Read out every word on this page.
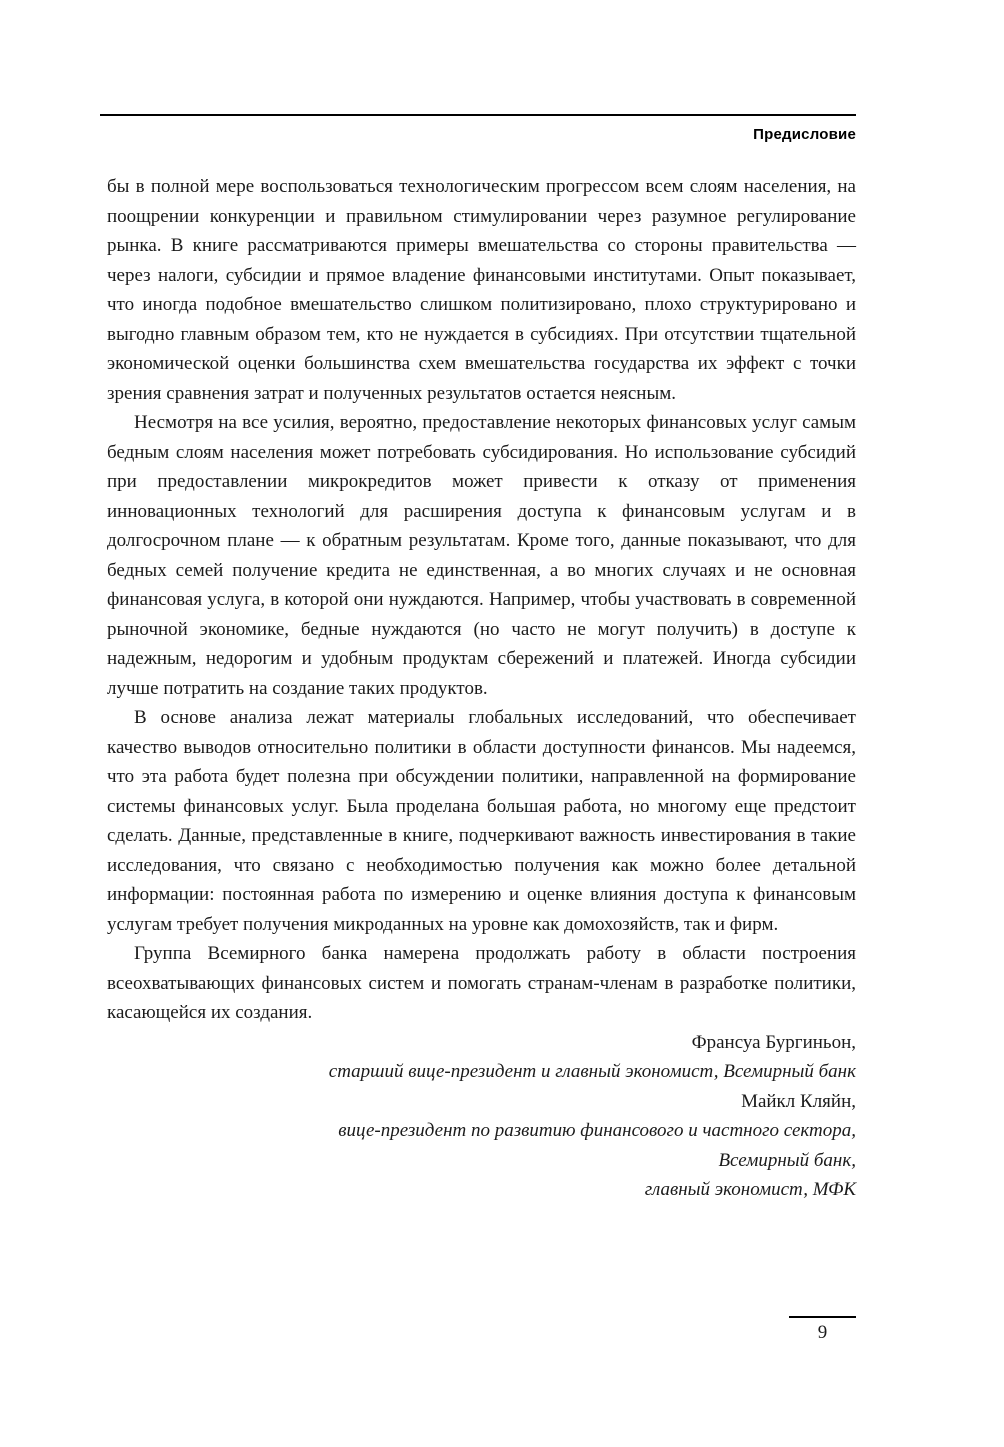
Предисловие

бы в полной мере воспользоваться технологическим прогрессом всем слоям населения, на поощрении конкуренции и правильном стимулировании через разумное регулирование рынка. В книге рассматриваются примеры вмешательства со стороны правительства — через налоги, субсидии и прямое владение финансовыми институтами. Опыт показывает, что иногда подобное вмешательство слишком политизировано, плохо структурировано и выгодно главным образом тем, кто не нуждается в субсидиях. При отсутствии тщательной экономической оценки большинства схем вмешательства государства их эффект с точки зрения сравнения затрат и полученных результатов остается неясным.

Несмотря на все усилия, вероятно, предоставление некоторых финансовых услуг самым бедным слоям населения может потребовать субсидирования. Но использование субсидий при предоставлении микрокредитов может привести к отказу от применения инновационных технологий для расширения доступа к финансовым услугам и в долгосрочном плане — к обратным результатам. Кроме того, данные показывают, что для бедных семей получение кредита не единственная, а во многих случаях и не основная финансовая услуга, в которой они нуждаются. Например, чтобы участвовать в современной рыночной экономике, бедные нуждаются (но часто не могут получить) в доступе к надежным, недорогим и удобным продуктам сбережений и платежей. Иногда субсидии лучше потратить на создание таких продуктов.

В основе анализа лежат материалы глобальных исследований, что обеспечивает качество выводов относительно политики в области доступности финансов. Мы надеемся, что эта работа будет полезна при обсуждении политики, направленной на формирование системы финансовых услуг. Была проделана большая работа, но многому еще предстоит сделать. Данные, представленные в книге, подчеркивают важность инвестирования в такие исследования, что связано с необходимостью получения как можно более детальной информации: постоянная работа по измерению и оценке влияния доступа к финансовым услугам требует получения микроданных на уровне как домохозяйств, так и фирм.

Группа Всемирного банка намерена продолжать работу в области построения всеохватывающих финансовых систем и помогать странам-членам в разработке политики, касающейся их создания.

Франсуа Бургиньон,
старший вице-президент и главный экономист, Всемирный банк
Майкл Кляйн,
вице-президент по развитию финансового и частного сектора,
Всемирный банк,
главный экономист, МФК
9
